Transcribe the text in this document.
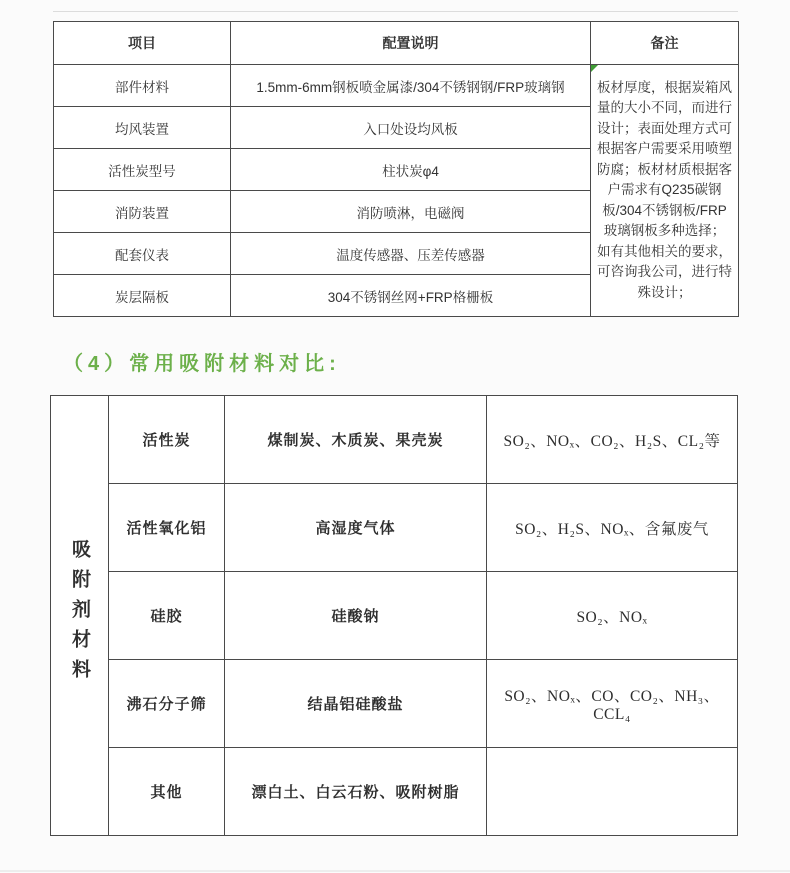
项目	配置说明	备注
部件材料	1.5mm-6mm钢板喷金属漆/304不锈钢钢/FRP玻璃钢	板材厚度，根据炭箱风量的大小不同，而进行设计；表面处理方式可根据客户需要采用喷塑防腐；板材材质根据客户需求有Q235碳钢板/304不锈钢板/FRP玻璃钢板多种选择；

如有其他相关的要求，可咨询我公司，进行特殊设计；

均风装置	入口处设均风板	
活性炭型号	柱状炭φ4	
消防装置	消防喷淋，电磁阀	
配套仪表	温度传感器、压差传感器	
炭层隔板	304不锈钢丝网+FRP格栅板	
（4）常用吸附材料对比:
吸附剂材料	活性炭	煤制炭、木质炭、果壳炭	SO₂、NOₓ、CO₂、H₂S、CL₂等
	活性氧化铝	高湿度气体	SO₂、H₂S、NOₓ、含氟废气
	硅胶	硅酸钠	SO₂、NOₓ
	沸石分子筛	结晶铝硅酸盐	SO₂、NOₓ、CO、CO₂、NH₃、CCL₄
	其他	漂白土、白云石粉、吸附树脂	
